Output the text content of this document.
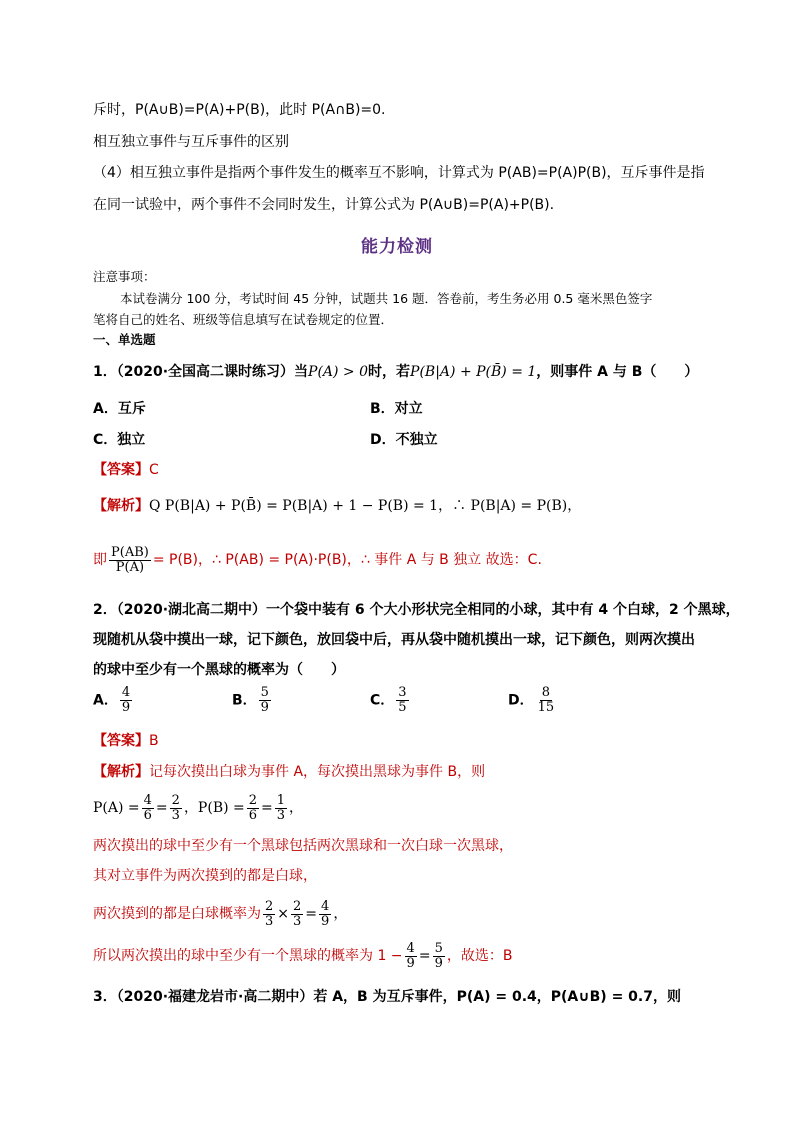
斥时，P(A∪B)=P(A)+P(B)，此时 P(A∩B)=0.
相互独立事件与互斥事件的区别
（4）相互独立事件是指两个事件发生的概率互不影响，计算式为 P(AB)=P(A)P(B)，互斥事件是指
在同一试验中，两个事件不会同时发生，计算公式为 P(A∪B)=P(A)+P(B).
能力检测
注意事项：
本试卷满分 100 分，考试时间 45 分钟，试题共 16 题．答卷前，考生务必用 0.5 毫米黑色签字
笔将自己的姓名、班级等信息填写在试卷规定的位置．
一、单选题
1．（2020·全国高二课时练习）当P(A) > 0时，若P(B|A) + P(B̄) = 1，则事件 A 与 B（　　）
A．互斥	B．对立
C．独立	D．不独立
【答案】C
【解析】Q P(B|A) + P(B̄) = P(B|A) + 1 − P(B) = 1，∴ P(B|A) = P(B)，
即 $\frac{P(AB)}{P(A)} = P(B)$，∴ P(AB) = P(A)·P(B)，∴ 事件 A 与 B 独立 故选：C.
2．（2020·湖北高二期中）一个袋中装有 6 个大小形状完全相同的小球，其中有 4 个白球，2 个黑球，
现随机从袋中摸出一球，记下颜色，放回袋中后，再从袋中随机摸出一球，记下颜色，则两次摸出
的球中至少有一个黑球的概率为（　　）
A． $\frac{4}{9}$	B． $\frac{5}{9}$	C． $\frac{3}{5}$	D． $\frac{8}{15}$
【答案】B
【解析】记每次摸出白球为事件 A，每次摸出黑球为事件 B，则
$P(A) = \frac{4}{6} = \frac{2}{3}$ ，$P(B) = \frac{2}{6} = \frac{1}{3}$ ，
两次摸出的球中至少有一个黑球包括两次黑球和一次白球一次黑球，
其对立事件为两次摸到的都是白球，
两次摸到的都是白球概率为 $\frac{2}{3} \times \frac{2}{3} = \frac{4}{9}$ ，
所以两次摸出的球中至少有一个黑球的概率为 $1 - \frac{4}{9} = \frac{5}{9}$ ，故选：B
3．（2020·福建龙岩市·高二期中）若 A，B 为互斥事件，P(A) = 0.4，P(A∪B) = 0.7，则
